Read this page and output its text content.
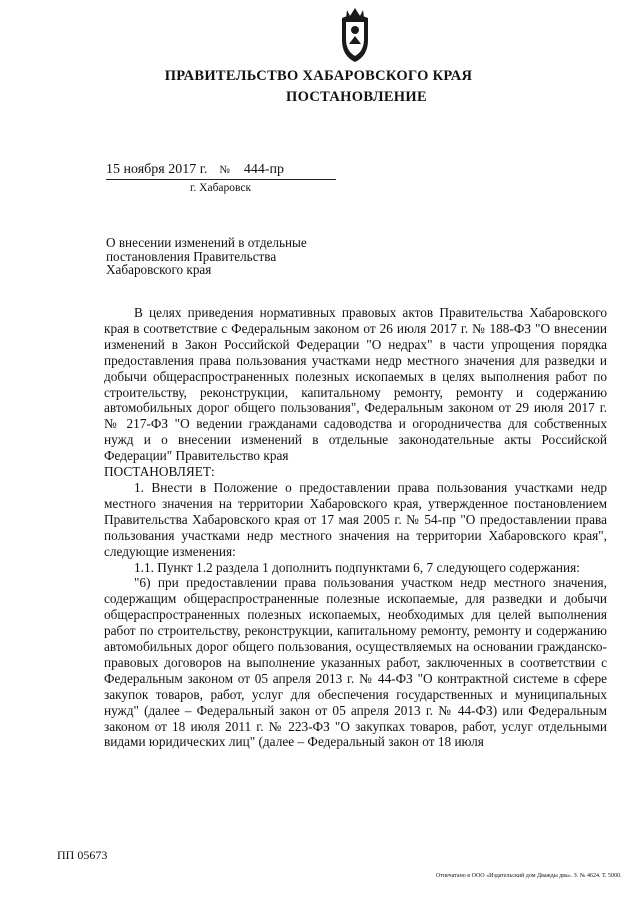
ПРАВИТЕЛЬСТВО ХАБАРОВСКОГО КРАЯ
ПОСТАНОВЛЕНИЕ
15 ноября 2017 г. № 444-пр
г. Хабаровск
О внесении изменений в отдельные постановления Правительства Хабаровского края

В целях приведения нормативных правовых актов Правительства Хабаровского края в соответствие с Федеральным законом от 26 июля 2017 г. № 188-ФЗ "О внесении изменений в Закон Российской Федерации "О недрах" в части упрощения порядка предоставления права пользования участками недр местного значения для разведки и добычи общераспространенных полезных ископаемых в целях выполнения работ по строительству, реконструкции, капитальному ремонту, ремонту и содержанию автомобильных дорог общего пользования", Федеральным законом от 29 июля 2017 г. № 217-ФЗ "О ведении гражданами садоводства и огородничества для собственных нужд и о внесении изменений в отдельные законодательные акты Российской Федерации" Правительство края

ПОСТАНОВЛЯЕТ:

1. Внести в Положение о предоставлении права пользования участками недр местного значения на территории Хабаровского края, утвержденное постановлением Правительства Хабаровского края от 17 мая 2005 г. № 54-пр "О предоставлении права пользования участками недр местного значения на территории Хабаровского края", следующие изменения:

1.1. Пункт 1.2 раздела 1 дополнить подпунктами 6, 7 следующего содержания:

"6) при предоставлении права пользования участком недр местного значения, содержащим общераспространенные полезные ископаемые, для разведки и добычи общераспространенных полезных ископаемых, необходимых для целей выполнения работ по строительству, реконструкции, капитальному ремонту, ремонту и содержанию автомобильных дорог общего пользования, осуществляемых на основании гражданско-правовых договоров на выполнение указанных работ, заключенных в соответствии с Федеральным законом от 05 апреля 2013 г. № 44-ФЗ "О контрактной системе в сфере закупок товаров, работ, услуг для обеспечения государственных и муниципальных нужд" (далее – Федеральный закон от 05 апреля 2013 г. № 44-ФЗ) или Федеральным законом от 18 июля 2011 г. № 223-ФЗ "О закупках товаров, работ, услуг отдельными видами юридических лиц" (далее – Федеральный закон от 18 июля

ПП 05673
Отпечатано в ООО «Издательский дом Дважды два». З. № 4624. Т. 5000.
